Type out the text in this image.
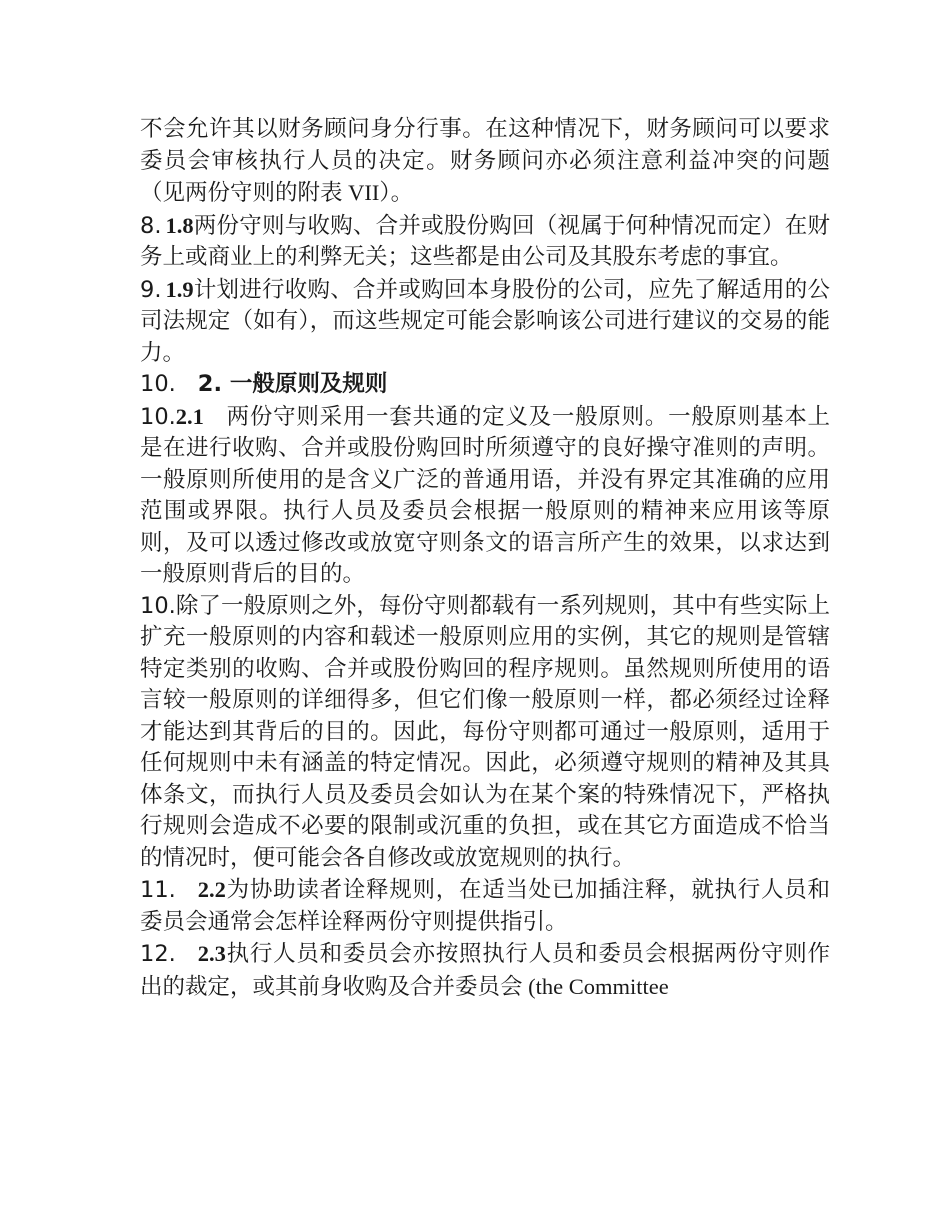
不会允许其以财务顾问身分行事。在这种情况下，财务顾问可以要求委员会审核执行人员的决定。财务顾问亦必须注意利益冲突的问题（见两份守则的附表 VII）。

8. 1.8两份守则与收购、合并或股份购回（视属于何种情况而定）在财务上或商业上的利弊无关；这些都是由公司及其股东考虑的事宜。

9. 1.9计划进行收购、合并或购回本身股份的公司，应先了解适用的公司法规定（如有），而这些规定可能会影响该公司进行建议的交易的能力。

10. 2. 一般原则及规则

10.2.1 两份守则采用一套共通的定义及一般原则。一般原则基本上是在进行收购、合并或股份购回时所须遵守的良好操守准则的声明。一般原则所使用的是含义广泛的普通用语，并没有界定其准确的应用范围或界限。执行人员及委员会根据一般原则的精神来应用该等原则，及可以透过修改或放宽守则条文的语言所产生的效果，以求达到一般原则背后的目的。

10.除了一般原则之外，每份守则都载有一系列规则，其中有些实际上扩充一般原则的内容和载述一般原则应用的实例，其它的规则是管辖特定类别的收购、合并或股份购回的程序规则。虽然规则所使用的语言较一般原则的详细得多，但它们像一般原则一样，都必须经过诠释才能达到其背后的目的。因此，每份守则都可通过一般原则，适用于任何规则中未有涵盖的特定情况。因此，必须遵守规则的精神及其具体条文，而执行人员及委员会如认为在某个案的特殊情况下，严格执行规则会造成不必要的限制或沉重的负担，或在其它方面造成不恰当的情况时，便可能会各自修改或放宽规则的执行。

11. 2.2为协助读者诠释规则，在适当处已加插注释，就执行人员和委员会通常会怎样诠释两份守则提供指引。

12. 2.3执行人员和委员会亦按照执行人员和委员会根据两份守则作出的裁定，或其前身收购及合并委员会 (the Committee
